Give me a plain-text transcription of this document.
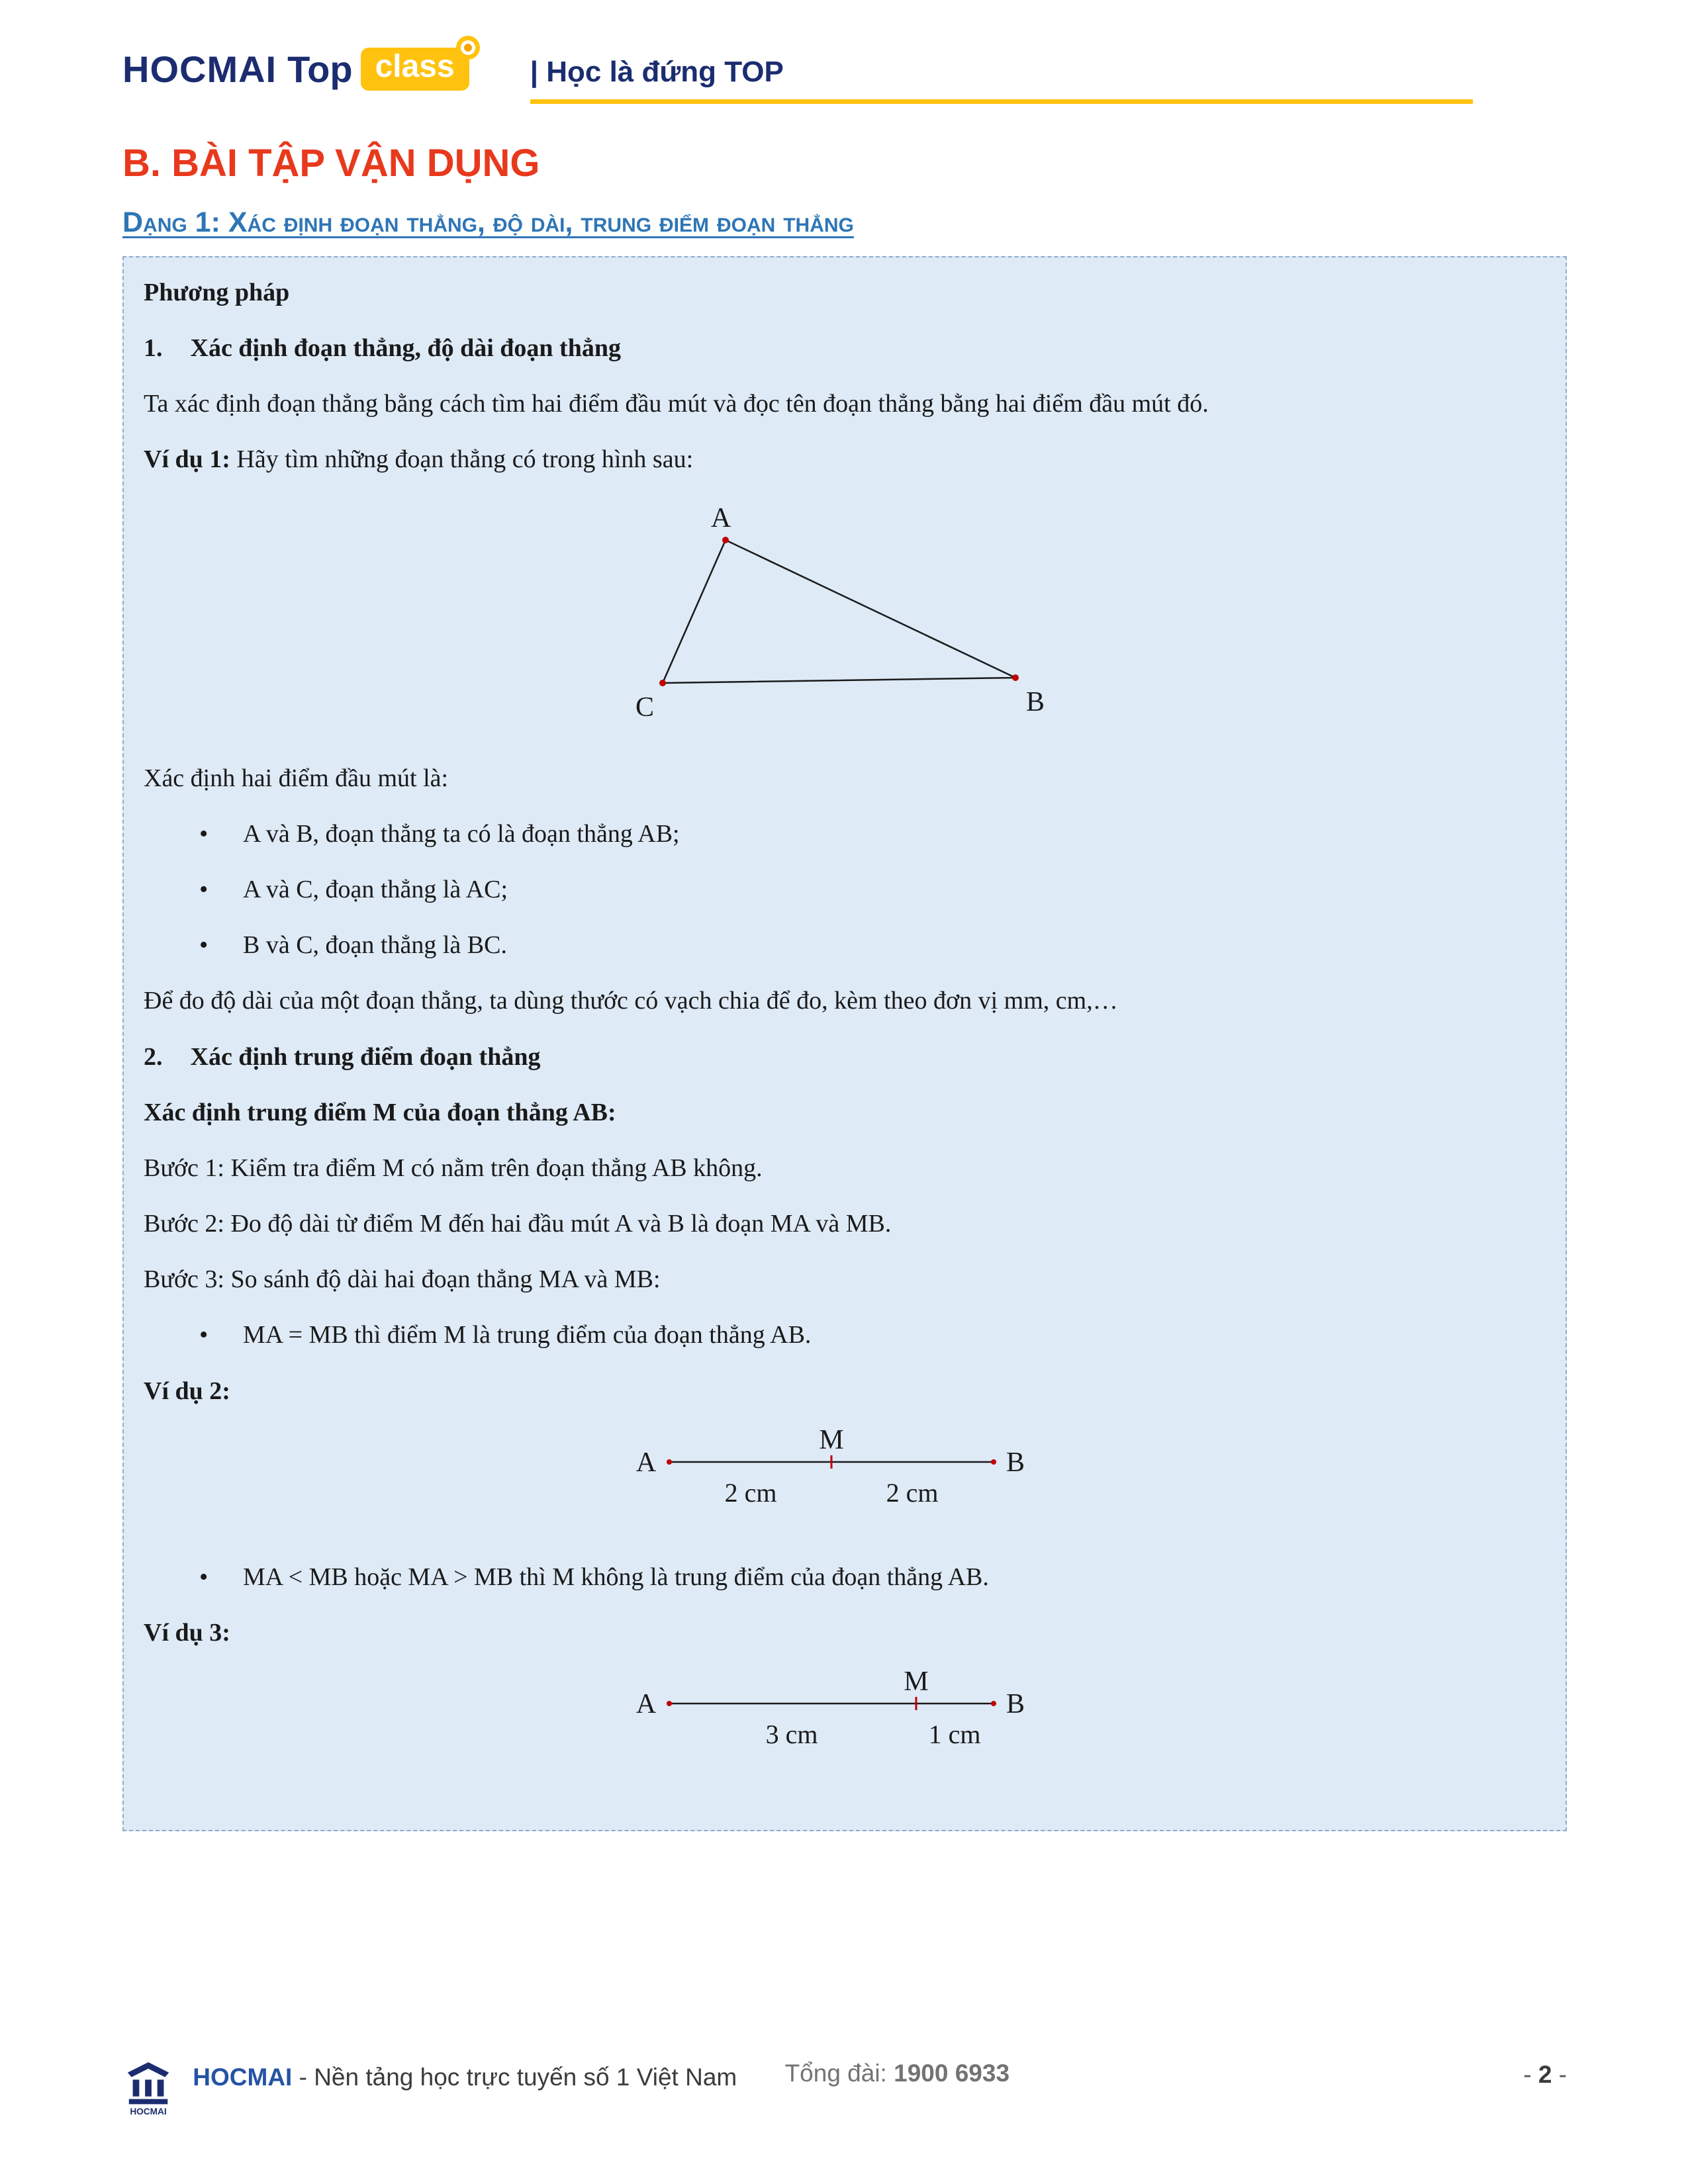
HOCMAI Top class	| Học là đứng TOP
B. BÀI TẬP VẬN DỤNG
Dạng 1: Xác định đoạn thẳng, độ dài, trung điểm đoạn thẳng

Phương pháp

1. Xác định đoạn thẳng, độ dài đoạn thẳng

Ta xác định đoạn thẳng bằng cách tìm hai điểm đầu mút và đọc tên đoạn thẳng bằng hai điểm đầu mút đó.

Ví dụ 1: Hãy tìm những đoạn thẳng có trong hình sau:

A
C	B

Xác định hai điểm đầu mút là:

• A và B, đoạn thẳng ta có là đoạn thẳng AB;
• A và C, đoạn thẳng là AC;
• B và C, đoạn thẳng là BC.

Để đo độ dài của một đoạn thẳng, ta dùng thước có vạch chia để đo, kèm theo đơn vị mm, cm,…

2. Xác định trung điểm đoạn thẳng

Xác định trung điểm M của đoạn thẳng AB:

Bước 1: Kiểm tra điểm M có nằm trên đoạn thẳng AB không.

Bước 2: Đo độ dài từ điểm M đến hai đầu mút A và B là đoạn MA và MB.

Bước 3: So sánh độ dài hai đoạn thẳng MA và MB:

• MA = MB thì điểm M là trung điểm của đoạn thẳng AB.

Ví dụ 2:

A
M
B
2 cm	2 cm
• MA < MB hoặc MA > MB thì M không là trung điểm của đoạn thẳng AB.

Ví dụ 3:

A
M
B
3 cm	1 cm
HOCMAI
HOCMAI - Nền tảng học trực tuyến số 1 Việt Nam Tổng đài: 1900 6933	- 2 -
